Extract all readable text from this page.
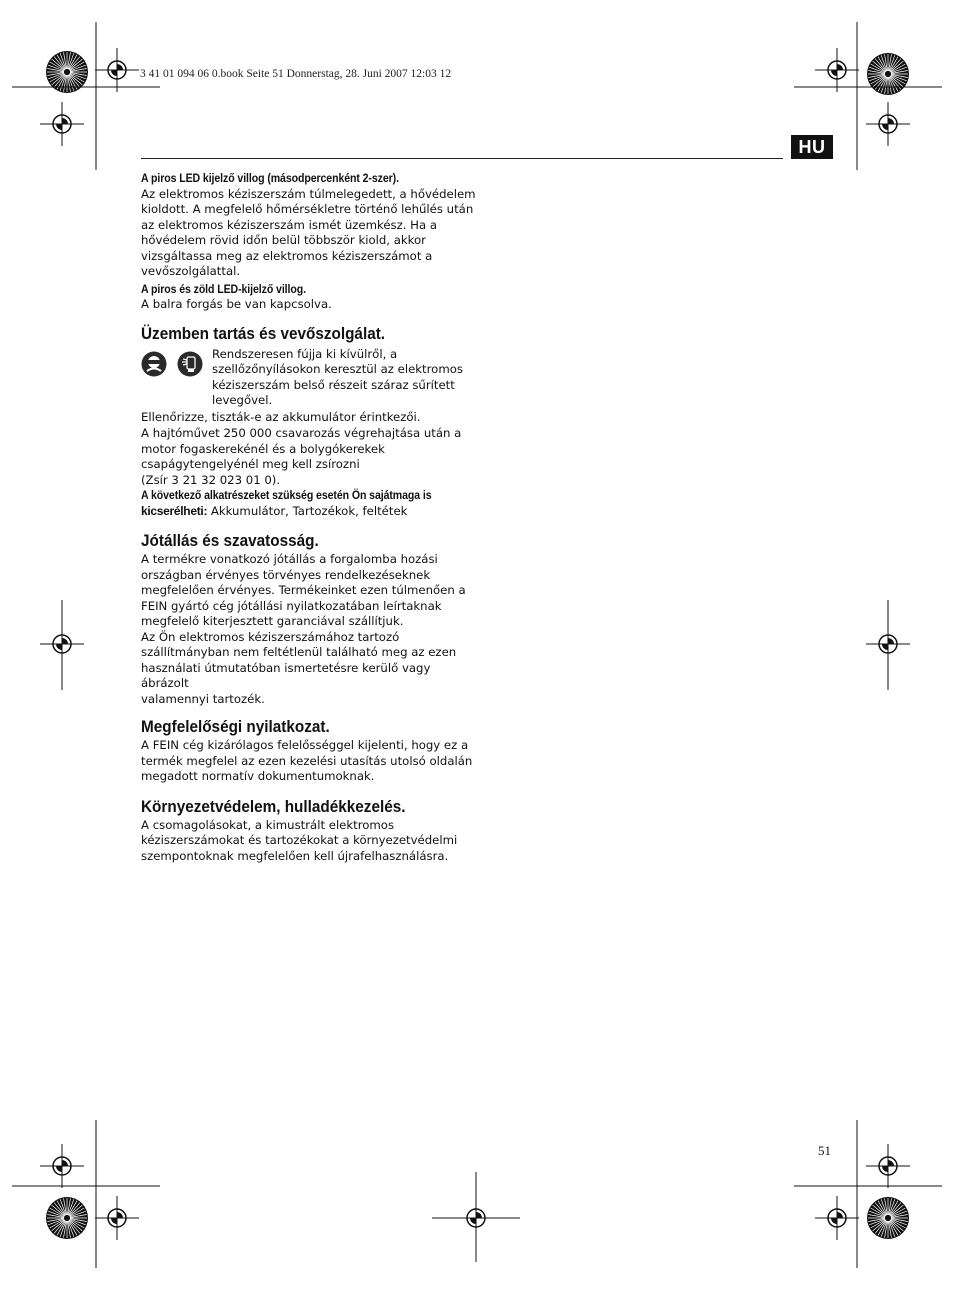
3 41 01 094 06 0.book Seite 51 Donnerstag, 28. Juni 2007 12:03 12
HU

A piros LED kijelző villog (másodpercenként 2-szer).

Az elektromos kéziszerszám túlmelegedett, a hővédelem

kioldott. A megfelelő hőmérsékletre történő lehűlés után

az elektromos kéziszerszám ismét üzemkész. Ha a

hővédelem rövid időn belül többször kiold, akkor

vizsgáltassa meg az elektromos kéziszerszámot a

vevőszolgálattal.

A piros és zöld LED-kijelző villog.

A balra forgás be van kapcsolva.

Üzemben tartás és vevőszolgálat.

Rendszeresen fújja ki kívülről, a

szellőzőnyílásokon keresztül az elektromos

kéziszerszám belső részeit száraz sűrített

levegővel.

Ellenőrizze, tiszták-e az akkumulátor érintkezői.

A hajtóművet 250 000 csavarozás végrehajtása után a

motor fogaskerekénél és a bolygókerekek

csapágytengelyénél meg kell zsírozni

(Zsír 3 21 32 023 01 0).

A következő alkatrészeket szükség esetén Ön sajátmaga is

kicserélheti: Akkumulátor, Tartozékok, feltétek

Jótállás és szavatosság.

A termékre vonatkozó jótállás a forgalomba hozási

országban érvényes törvényes rendelkezéseknek

megfelelően érvényes. Termékeinket ezen túlmenően a

FEIN gyártó cég jótállási nyilatkozatában leírtaknak

megfelelő kiterjesztett garanciával szállítjuk.

Az Ön elektromos kéziszerszámához tartozó

szállítmányban nem feltétlenül található meg az ezen

használati útmutatóban ismertetésre kerülő vagy ábrázolt

valamennyi tartozék.

Megfelelőségi nyilatkozat.

A FEIN cég kizárólagos felelősséggel kijelenti, hogy ez a

termék megfelel az ezen kezelési utasítás utolsó oldalán

megadott normatív dokumentumoknak.

Környezetvédelem, hulladékkezelés.

A csomagolásokat, a kimustrált elektromos

kéziszerszámokat és tartozékokat a környezetvédelmi

szempontoknak megfelelően kell újrafelhasználásra.

51
